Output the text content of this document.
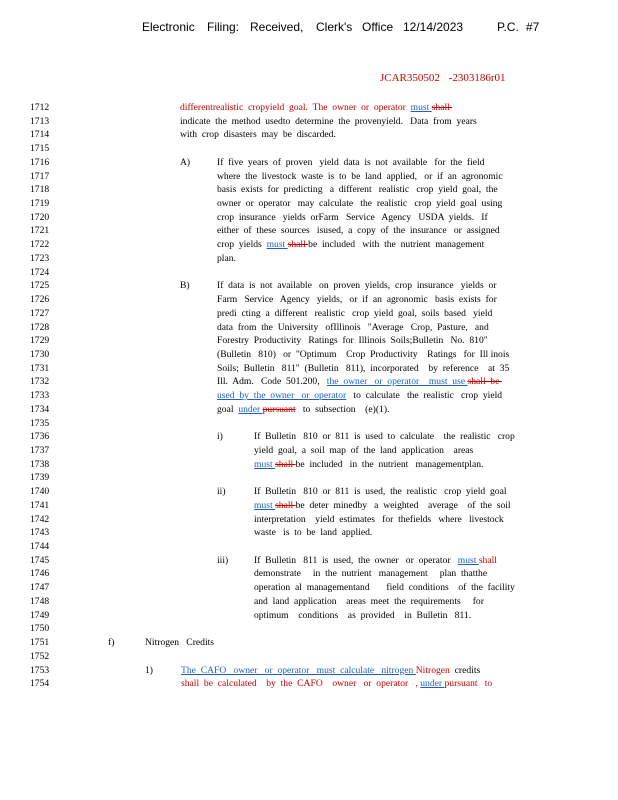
Electronic Filing: Received, Clerk's Office 12/14/2023	P.C. #7
JCAR350502 -2303186r01
1712	differentrealistic  cropyield  goal.  The  owner  or  operator  must shall
1713	indicate  the  method  usedto  determine  the  provenyield.   Data  from  years
1714	with  crop  disasters  may  be  discarded.
1715
1716	A)	If  five  years  of  proven   yield  data  is  not  available   for  the  field
1717	where  the  livestock  waste  is  to  be  land  applied,   or  if  an  agronomic
1718	basis  exists  for  predicting   a  different   realistic   crop  yield  goal,  the
1719	owner  or  operator   may  calculate   the  realistic   crop  yield  goal  using
1720	crop  insurance   yields  orFarm   Service   Agency   USDA  yields.   If
1721	either  of  these  sources   isused,  a  copy  of  the  insurance   or  assigned
1722	crop  yields  must shall be  included   with  the  nutrient  management
1723	plan.
1724
1725	B)	If  data  is  not  available   on  proven  yields,  crop  insurance   yields  or
1726	Farm   Service   Agency   yields,   or  if  an  agronomic   basis  exists  for
1727	predi  cting  a  different   realistic   crop  yield  goal,  soils  based   yield
1728	data  from  the  University   ofIllinois   "Average   Crop,  Pasture,   and
1729	Forestry  Productivity   Ratings  for  Illinois  Soils;Bulletin   No.  810"
1730	(Bulletin   810)   or  "Optimum    Crop  Productivity    Ratings   for  Ill inois
1731	Soils;  Bulletin   811"  (Bulletin   811),  incorporated    by  reference    at  35
1732	Ill.  Adm.   Code  501.200,   the  owner   or  operator    must  use shall  be
1733	used  by  the  owner   or  operator   to  calculate   the  realistic   crop  yield
1734	goal  under pursuant   to  subsection    (e)(1).
1735
1736	i)	If  Bulletin   810  or  811  is  used  to  calculate    the  realistic   crop
1737	yield  goal,  a  soil  map  of  the  land  application    areas
1738	must shall be  included   in  the  nutrient   managementplan.
1739
1740	ii)	If  Bulletin   810  or  811  is  used,  the  realistic   crop  yield  goal
1741	must shall be  deter  minedby   a  weighted    average    of  the  soil
1742	interpretation    yield  estimates   for  thefields   where   livestock
1743	waste   is  to  be  land  applied.
1744
1745	iii)	If  Bulletin   811  is  used,  the  owner   or  operator   must shall
1746	demonstrate     in  the  nutrient   management     plan  thatthe
1747	operation  al  managementand       field  conditions    of  the  facility
1748	and  land  application    areas  meet  the  requirements     for
1749	optimum    conditions    as  provided    in  Bulletin   811.
1750
1751	f)	Nitrogen   Credits
1752
1753	1)	The  CAFO   owner   or  operator   must  calculate   nitrogen Nitrogen  credits
1754	shall  be  calculated    by  the  CAFO    owner   or  operator   , under pursuant   to
